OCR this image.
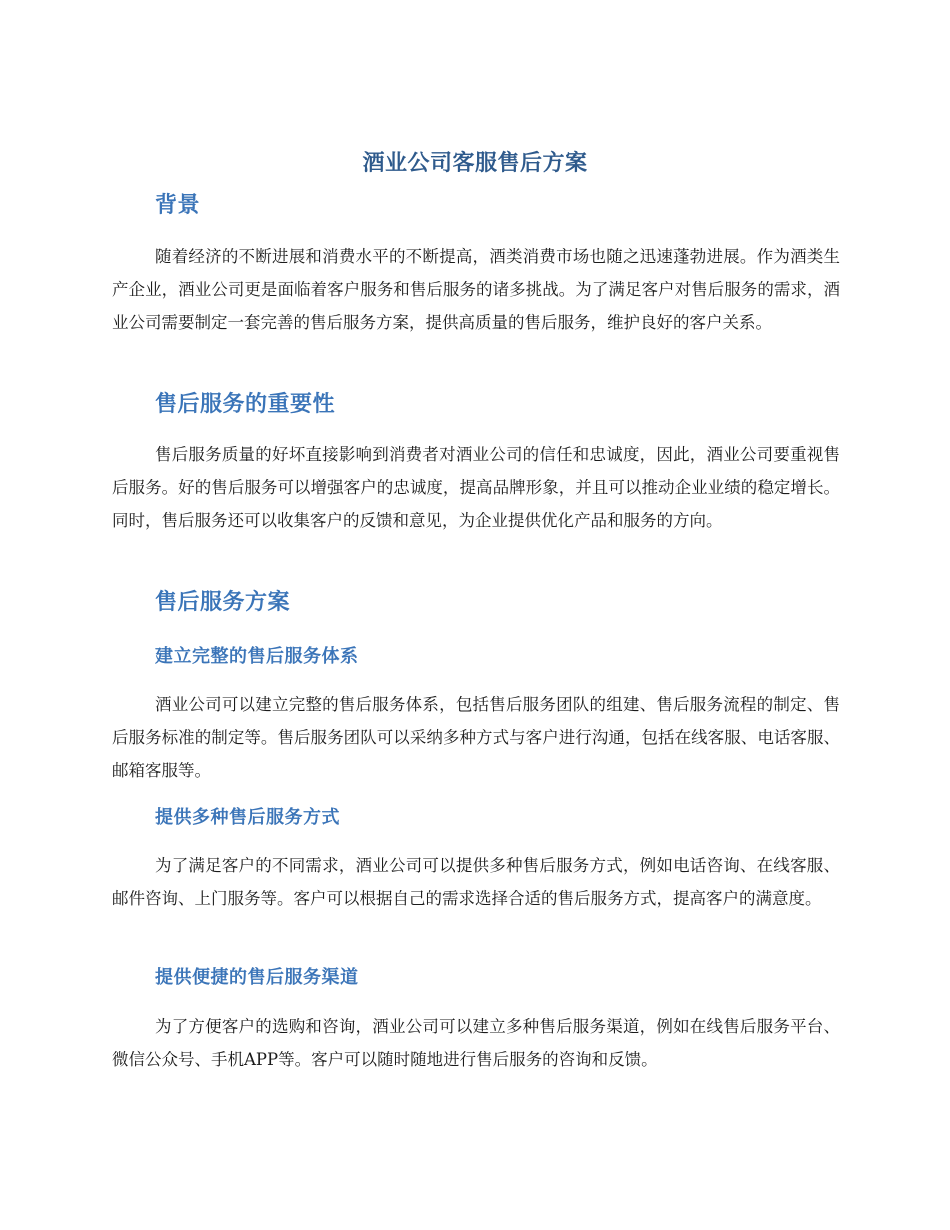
酒业公司客服售后方案
背景

随着经济的不断进展和消费水平的不断提高，酒类消费市场也随之迅速蓬勃进展。作为酒类生产企业，酒业公司更是面临着客户服务和售后服务的诸多挑战。为了满足客户对售后服务的需求，酒业公司需要制定一套完善的售后服务方案，提供高质量的售后服务，维护良好的客户关系。

售后服务的重要性

售后服务质量的好坏直接影响到消费者对酒业公司的信任和忠诚度，因此，酒业公司要重视售后服务。好的售后服务可以增强客户的忠诚度，提高品牌形象，并且可以推动企业业绩的稳定增长。同时，售后服务还可以收集客户的反馈和意见，为企业提供优化产品和服务的方向。

售后服务方案
建立完整的售后服务体系

酒业公司可以建立完整的售后服务体系，包括售后服务团队的组建、售后服务流程的制定、售后服务标准的制定等。售后服务团队可以采纳多种方式与客户进行沟通，包括在线客服、电话客服、邮箱客服等。

提供多种售后服务方式

为了满足客户的不同需求，酒业公司可以提供多种售后服务方式，例如电话咨询、在线客服、邮件咨询、上门服务等。客户可以根据自己的需求选择合适的售后服务方式，提高客户的满意度。

提供便捷的售后服务渠道

为了方便客户的选购和咨询，酒业公司可以建立多种售后服务渠道，例如在线售后服务平台、微信公众号、手机APP等。客户可以随时随地进行售后服务的咨询和反馈。
